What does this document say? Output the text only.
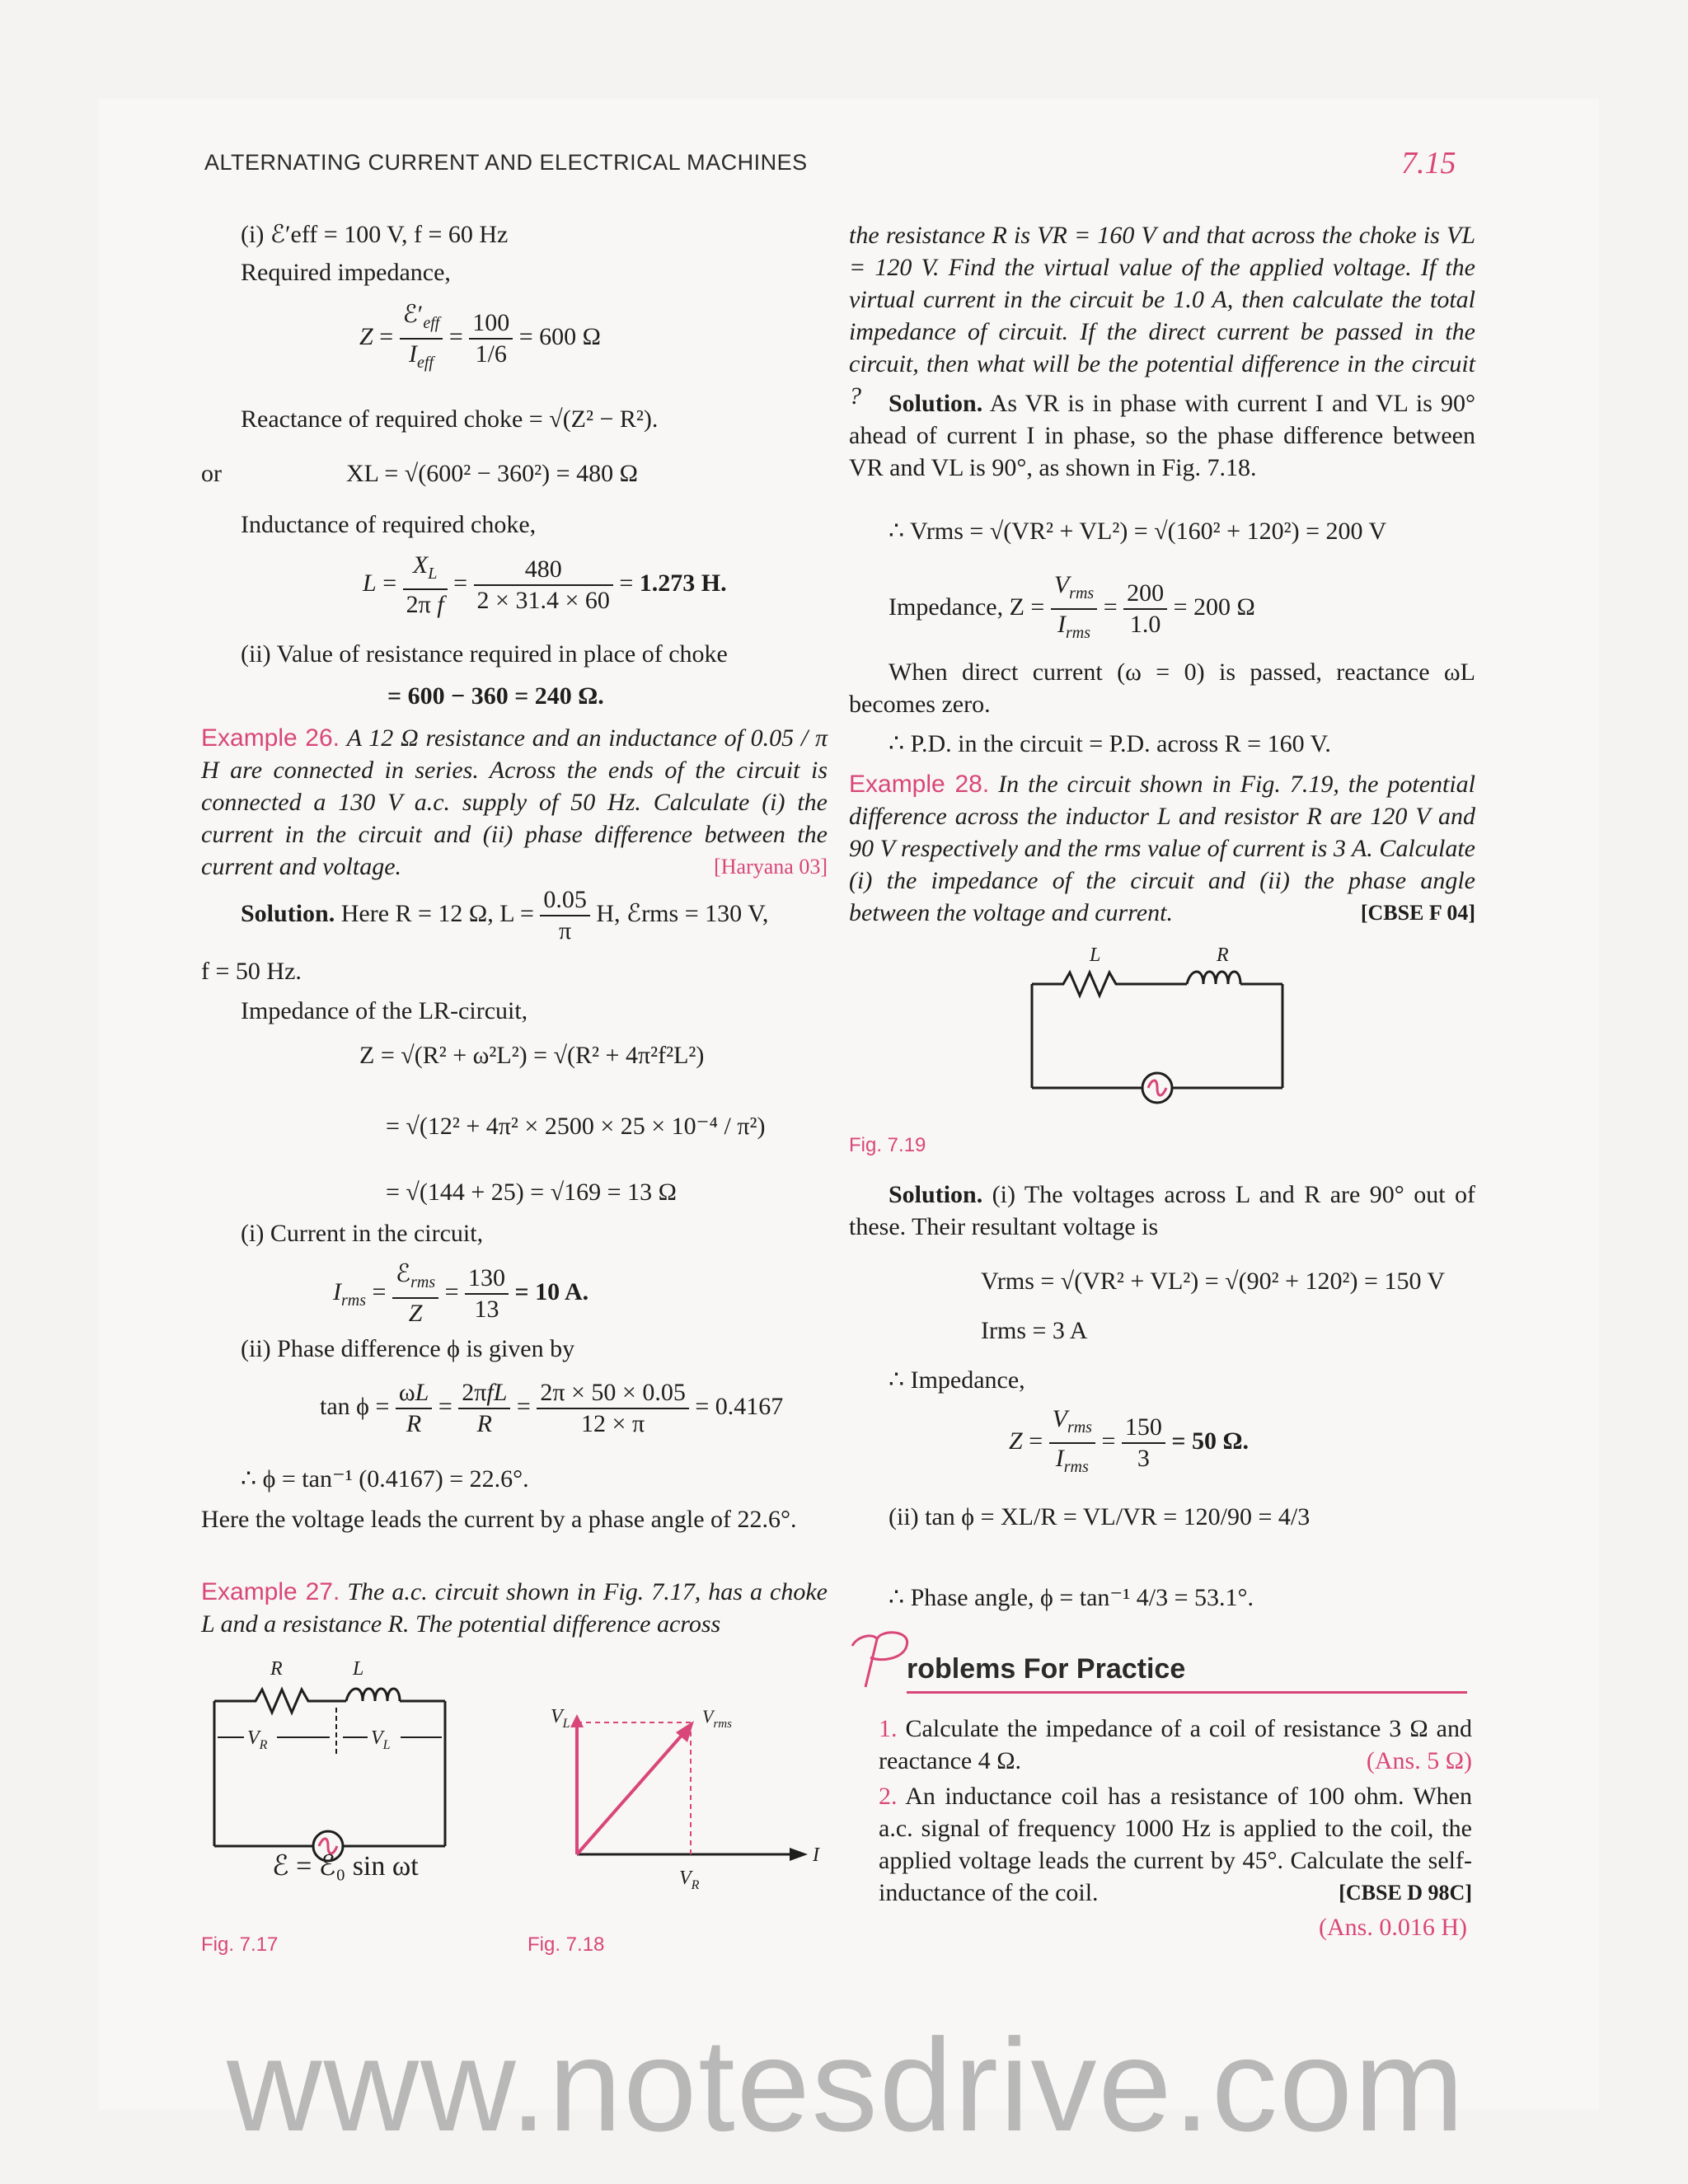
ALTERNATING CURRENT AND ELECTRICAL MACHINES	7.15
(i) ℰ′eff = 100 V, f = 60 Hz
Required impedance,
$Z = \frac{ℰ'_{eff}}{I_{eff}} = \frac{100}{1/6} = 600$ Ω
Reactance of required choke = √(Z² − R²).
or	XL = √(600² − 360²) = 480 Ω
Inductance of required choke,
$L = \frac{X_L}{\text{2π f}} = \frac{480}{2 \times 31.4 \times 60} = 1.273$ H.
(ii) Value of resistance required in place of choke
= 600 − 360 = 240 Ω.
Example 26. A 12 Ω resistance and an inductance of 0.05 / π H are connected in series. Across the ends of the circuit is connected a 130 V a.c. supply of 50 Hz. Calculate (i) the current in the circuit and (ii) phase difference between the current and voltage.	[Haryana 03]
Solution. Here R = 12 Ω, $L = \frac{0.05}{\pi} H$, ℰrms = 130 V,
f = 50 Hz.
Impedance of the LR-circuit,
Z = √(R² + ω²L²) = √(R² + 4π²f²L²)
= √(12² + 4π² × 2500 × 25 × 10⁻⁴ / π²)
= √(144 + 25) = √169 = 13 Ω
(i) Current in the circuit,
$I_{rms} = \frac{ℰ_{rms}}{Z} = \frac{130}{13} = 10$ A.
(ii) Phase difference ϕ is given by
$\tan \phi = \frac{\omega L}{R} = \frac{\text{2πfL}}{R} = \frac{2\pi \times 50 \times 0.05}{12 \times \pi} = 0.4167$
∴ ϕ = tan⁻¹ (0.4167) = 22.6°.
Here the voltage leads the current by a phase angle of 22.6°.
Example 27. The a.c. circuit shown in Fig. 7.17, has a choke L and a resistance R. The potential difference across
R	L
$V_R$	$V_L$
ℰ = ℰ₀ sin ωt
Fig. 7.17
$V_L$	$V_{rms}$
$V_R$
I
Fig. 7.18
the resistance R is VR = 160 V and that across the choke is VL = 120 V. Find the virtual value of the applied voltage. If the virtual current in the circuit be 1.0 A, then calculate the total impedance of circuit. If the direct current be passed in the circuit, then what will be the potential difference in the circuit ?	Solution. As VR is in phase with current I and VL is 90° ahead of current I in phase, so the phase difference between VR and VL is 90°, as shown in Fig. 7.18.
∴ Vrms = √(VR² + VL²) = √(160² + 120²) = 200 V
Impedance, $Z = \frac{V_{rms}}{I_{rms}} = \frac{200}{1.0} = 200$ Ω
When direct current (ω = 0) is passed, reactance ωL becomes zero.
∴ P.D. in the circuit = P.D. across R = 160 V.
Example 28. In the circuit shown in Fig. 7.19, the potential difference across the inductor L and resistor R are 120 V and 90 V respectively and the rms value of current is 3 A. Calculate (i) the impedance of the circuit and (ii) the phase angle between the voltage and current.	[CBSE F 04]
L	R
Fig. 7.19
Solution. (i) The voltages across L and R are 90° out of these. Their resultant voltage is
Vrms = √(VR² + VL²) = √(90² + 120²) = 150 V
Irms = 3 A
∴ Impedance,
$Z = \frac{V_{rms}}{I_{rms}} = \frac{150}{3} = 50$ Ω.
(ii) tan ϕ = XL/R = VL/VR = 120/90 = 4/3
∴ Phase angle, ϕ = tan⁻¹ 4/3 = 53.1°.
roblems For Practice
1. Calculate the impedance of a coil of resistance 3 Ω and reactance 4 Ω.	(Ans. 5 Ω)
2. An inductance coil has a resistance of 100 ohm. When a.c. signal of frequency 1000 Hz is applied to the coil, the applied voltage leads the current by 45°. Calculate the self-inductance of the coil.	[CBSE D 98C]
(Ans. 0.016 H)
www.notesdrive.com
